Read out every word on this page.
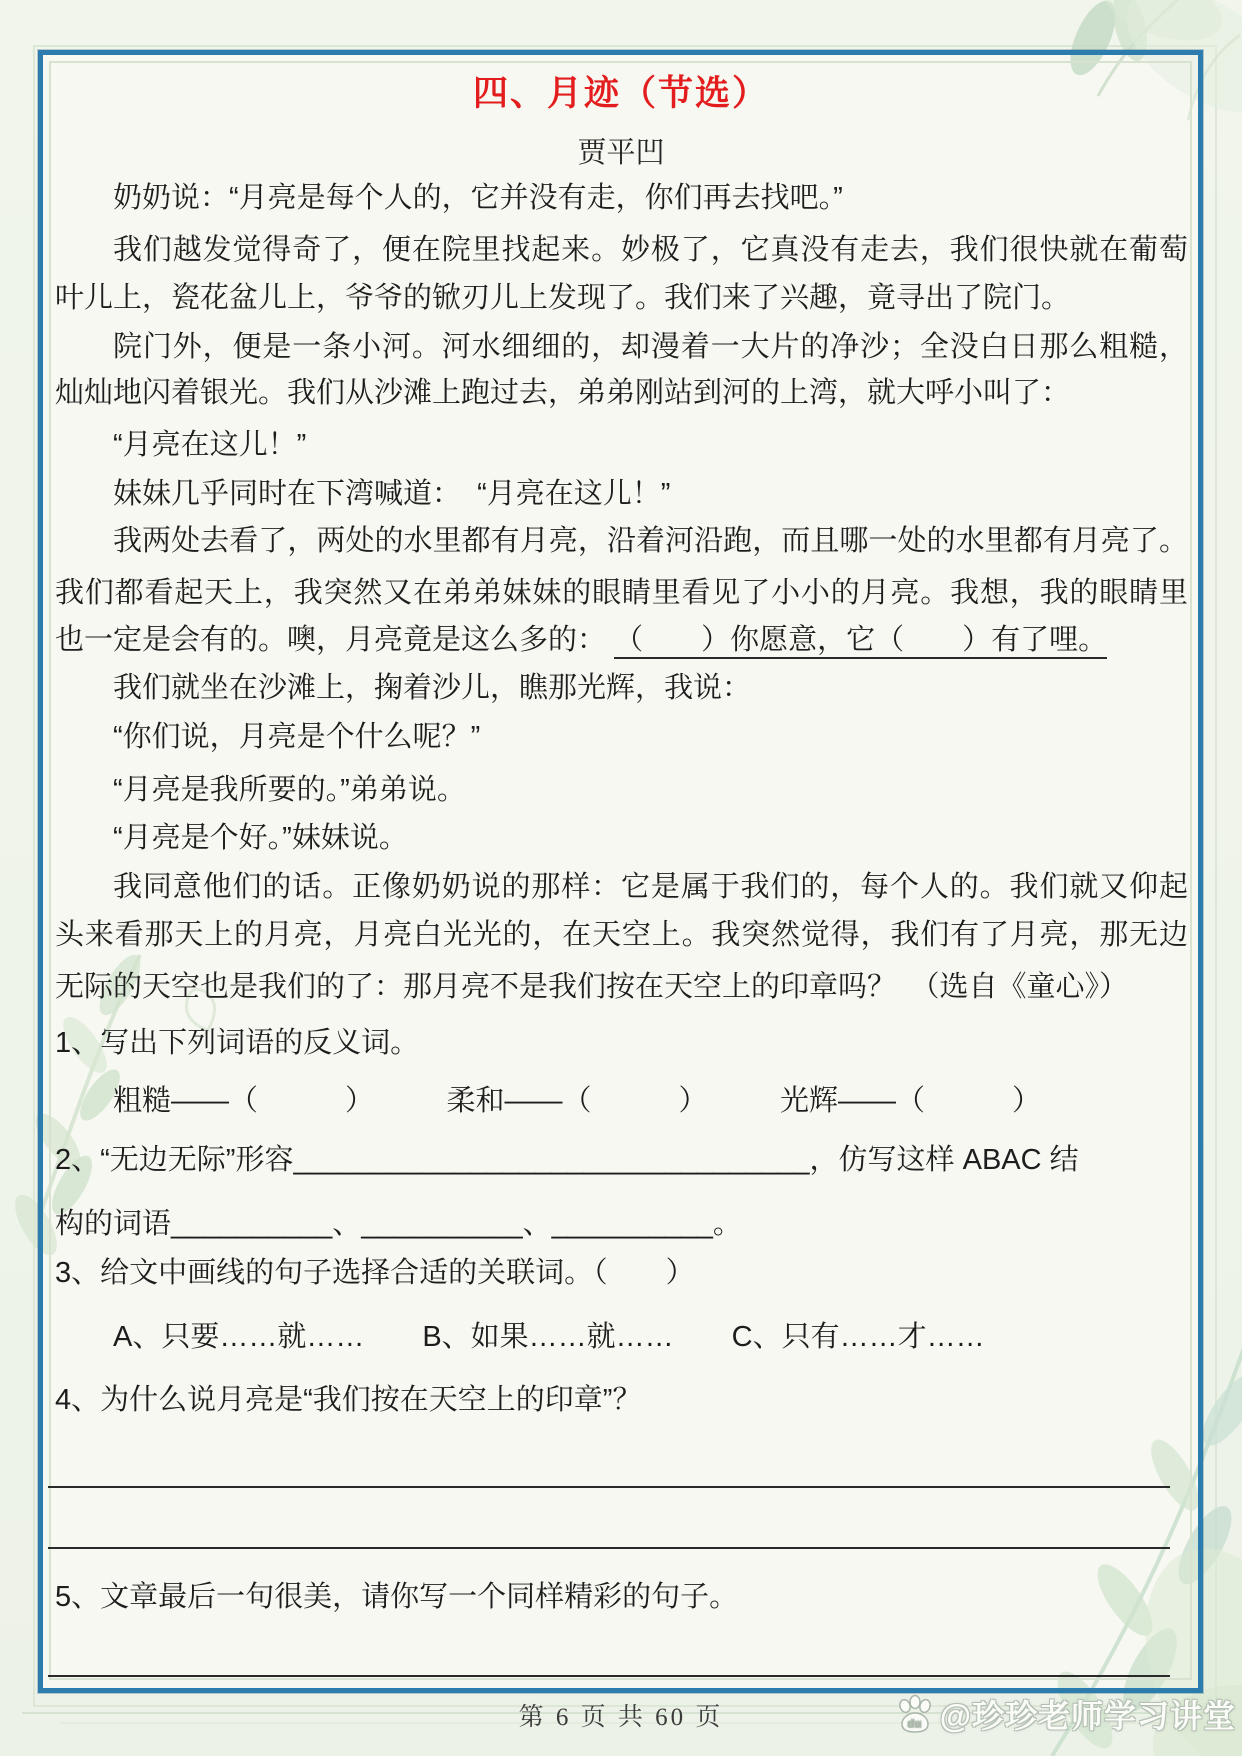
四、月迹（节选）
贾平凹
奶奶说：“月亮是每个人的，它并没有走，你们再去找吧。”
我们越发觉得奇了，便在院里找起来。妙极了，它真没有走去，我们很快就在葡萄
叶儿上，瓷花盆儿上，爷爷的锨刃儿上发现了。我们来了兴趣，竟寻出了院门。
院门外，便是一条小河。河水细细的，却漫着一大片的净沙；全没白日那么粗糙，
灿灿地闪着银光。我们从沙滩上跑过去，弟弟刚站到河的上湾，就大呼小叫了：
“月亮在这儿！”
妹妹几乎同时在下湾喊道：  “月亮在这儿！”
我两处去看了，两处的水里都有月亮，沿着河沿跑，而且哪一处的水里都有月亮了。
我们都看起天上，我突然又在弟弟妹妹的眼睛里看见了小小的月亮。我想，我的眼睛里
也一定是会有的。噢，月亮竟是这么多的： （　　）你愿意，它（　　）有了哩。
我们就坐在沙滩上，掬着沙儿，瞧那光辉，我说：
“你们说，月亮是个什么呢？”
“月亮是我所要的。”弟弟说。
“月亮是个好。”妹妹说。
我同意他们的话。正像奶奶说的那样：它是属于我们的，每个人的。我们就又仰起
头来看那天上的月亮，月亮白光光的，在天空上。我突然觉得，我们有了月亮，那无边
无际的天空也是我们的了：那月亮不是我们按在天空上的印章吗？　（选自《童心》）
1、写出下列词语的反义词。
粗糙——（　　　）　　　柔和——（　　　）　　　光辉——（　　　）
2、“无边无际”形容________________________________，仿写这样 ABAC 结
构的词语__________、__________、__________。
3、给文中画线的句子选择合适的关联词。（　　）
A、只要……就……　　B、如果……就……　　C、只有……才……
4、为什么说月亮是“我们按在天空上的印章”？
5、文章最后一句很美，请你写一个同样精彩的句子。
第 6 页 共 60 页	du @珍珍老师学习讲堂
